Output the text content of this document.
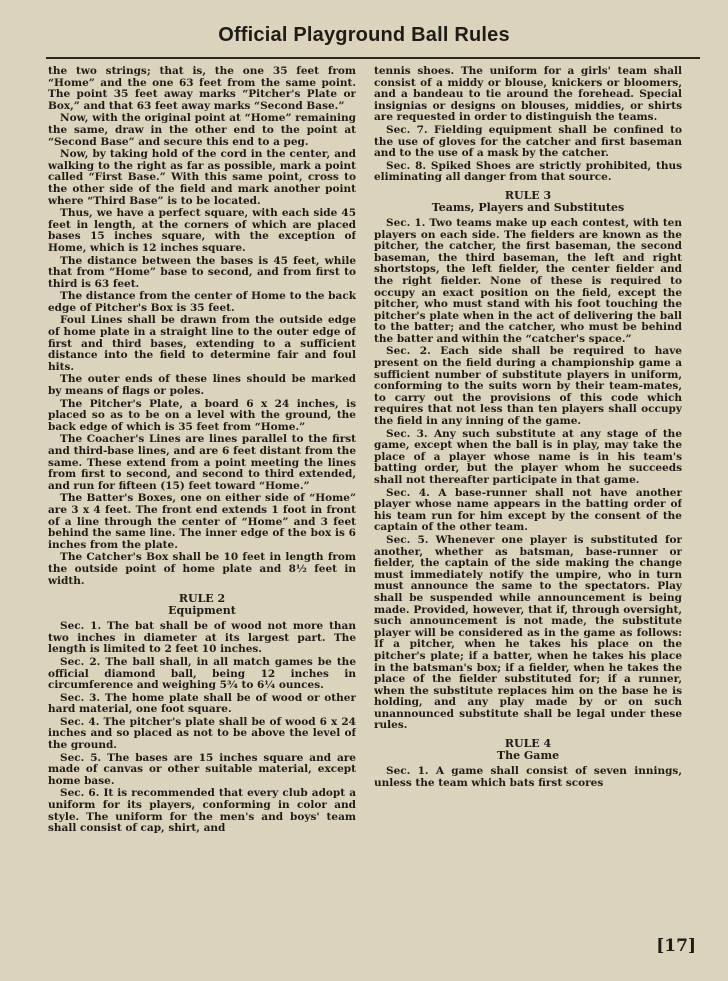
Official Playground Ball Rules

the two strings; that is, the one 35 feet from “Home” and the one 63 feet from the same point. The point 35 feet away marks “Pitcher's Plate or Box,” and that 63 feet away marks “Second Base.”

Now, with the original point at “Home” remaining the same, draw in the other end to the point at “Second Base” and secure this end to a peg.

Now, by taking hold of the cord in the center, and walking to the right as far as possible, mark a point called “First Base.” With this same point, cross to the other side of the field and mark another point where “Third Base” is to be located.

Thus, we have a perfect square, with each side 45 feet in length, at the corners of which are placed bases 15 inches square, with the exception of Home, which is 12 inches square.

The distance between the bases is 45 feet, while that from “Home” base to second, and from first to third is 63 feet.

The distance from the center of Home to the back edge of Pitcher's Box is 35 feet.

Foul Lines shall be drawn from the outside edge of home plate in a straight line to the outer edge of first and third bases, extending to a sufficient distance into the field to determine fair and foul hits.

The outer ends of these lines should be marked by means of flags or poles.

The Pitcher's Plate, a board 6 x 24 inches, is placed so as to be on a level with the ground, the back edge of which is 35 feet from “Home.”

The Coacher's Lines are lines parallel to the first and third-base lines, and are 6 feet distant from the same. These extend from a point meeting the lines from first to second, and second to third extended, and run for fifteen (15) feet toward “Home.”

The Batter's Boxes, one on either side of “Home” are 3 x 4 feet. The front end extends 1 foot in front of a line through the center of “Home” and 3 feet behind the same line. The inner edge of the box is 6 inches from the plate.

The Catcher's Box shall be 10 feet in length from the outside point of home plate and 8½ feet in width.

RULE 2
Equipment

Sec. 1. The bat shall be of wood not more than two inches in diameter at its largest part. The length is limited to 2 feet 10 inches.

Sec. 2. The ball shall, in all match games be the official diamond ball, being 12 inches in circumference and weighing 5¾ to 6¼ ounces.

Sec. 3. The home plate shall be of wood or other hard material, one foot square.

Sec. 4. The pitcher's plate shall be of wood 6 x 24 inches and so placed as not to be above the level of the ground.

Sec. 5. The bases are 15 inches square and are made of canvas or other suitable material, except home base.

Sec. 6. It is recommended that every club adopt a uniform for its players, conforming in color and style. The uniform for the men's and boys' team shall consist of cap, shirt, and

tennis shoes. The uniform for a girls' team shall consist of a middy or blouse, knickers or bloomers, and a bandeau to tie around the forehead. Special insignias or designs on blouses, middies, or shirts are requested in order to distinguish the teams.

Sec. 7. Fielding equipment shall be confined to the use of gloves for the catcher and first baseman and to the use of a mask by the catcher.

Sec. 8. Spiked Shoes are strictly prohibited, thus eliminating all danger from that source.

RULE 3
Teams, Players and Substitutes

Sec. 1. Two teams make up each contest, with ten players on each side. The fielders are known as the pitcher, the catcher, the first baseman, the second baseman, the third baseman, the left and right shortstops, the left fielder, the center fielder and the right fielder. None of these is required to occupy an exact position on the field, except the pitcher, who must stand with his foot touching the pitcher's plate when in the act of delivering the ball to the batter; and the catcher, who must be behind the batter and within the “catcher's space.”

Sec. 2. Each side shall be required to have present on the field during a championship game a sufficient number of substitute players in uniform, conforming to the suits worn by their team-mates, to carry out the provisions of this code which requires that not less than ten players shall occupy the field in any inning of the game.

Sec. 3. Any such substitute at any stage of the game, except when the ball is in play, may take the place of a player whose name is in his team's batting order, but the player whom he succeeds shall not thereafter participate in that game.

Sec. 4. A base-runner shall not have another player whose name appears in the batting order of his team run for him except by the consent of the captain of the other team.

Sec. 5. Whenever one player is substituted for another, whether as batsman, base-runner or fielder, the captain of the side making the change must immediately notify the umpire, who in turn must announce the same to the spectators. Play shall be suspended while announcement is being made. Provided, however, that if, through oversight, such announcement is not made, the substitute player will be considered as in the game as follows: If a pitcher, when he takes his place on the pitcher's plate; if a batter, when he takes his place in the batsman's box; if a fielder, when he takes the place of the fielder substituted for; if a runner, when the substitute replaces him on the base he is holding, and any play made by or on such unannounced substitute shall be legal under these rules.

RULE 4
The Game

Sec. 1. A game shall consist of seven innings, unless the team which bats first scores

[17]
